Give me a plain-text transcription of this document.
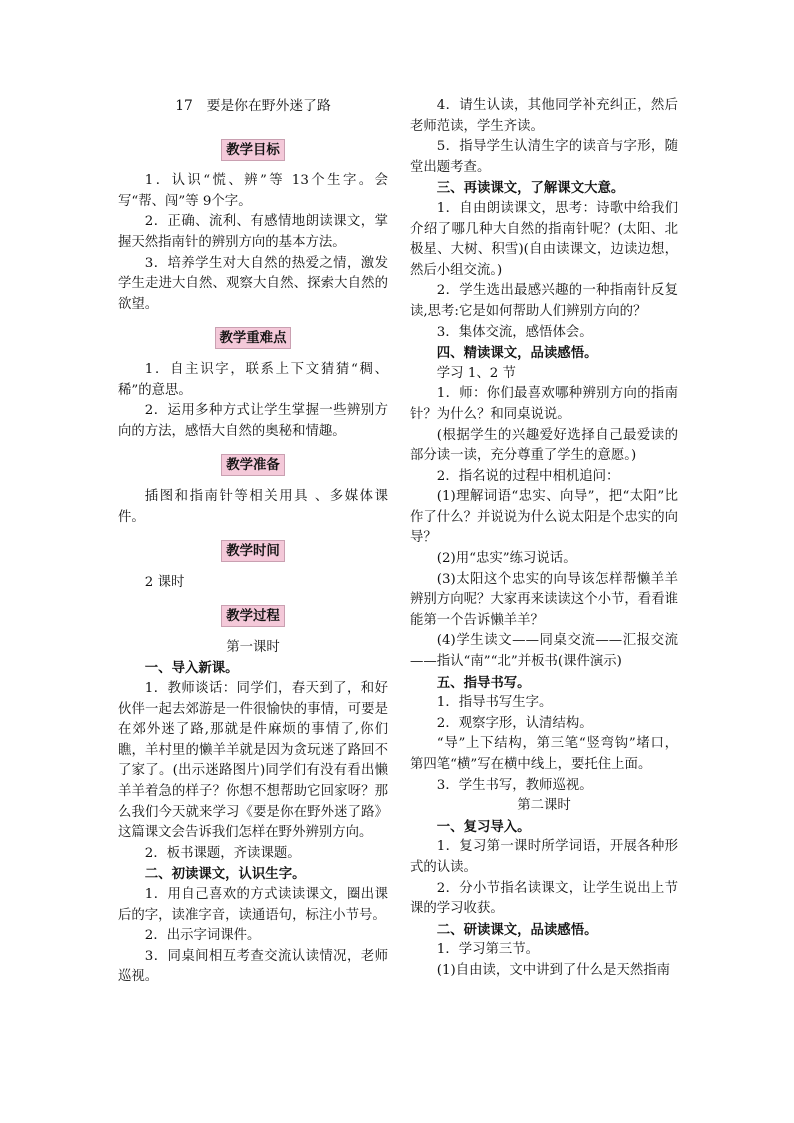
17　要是你在野外迷了路

教学目标

1．认识“慌、辨”等 13个生字。会写“帮、闯”等 9个字。

2．正确、流利、有感情地朗读课文，掌握天然指南针的辨别方向的基本方法。

3．培养学生对大自然的热爱之情，激发学生走进大自然、观察大自然、探索大自然的欲望。

教学重难点

1．自主识字，联系上下文猜猜“稠、稀”的意思。

2．运用多种方式让学生掌握一些辨别方向的方法，感悟大自然的奥秘和情趣。

教学准备

插图和指南针等相关用具 、多媒体课件。

教学时间

2 课时

教学过程

第一课时

一、导入新课。

1．教师谈话：同学们，春天到了，和好伙伴一起去郊游是一件很愉快的事情，可要是在郊外迷了路,那就是件麻烦的事情了,你们瞧，羊村里的懒羊羊就是因为贪玩迷了路回不了家了。(出示迷路图片)同学们有没有看出懒羊羊着急的样子？你想不想帮助它回家呀？那么我们今天就来学习《要是你在野外迷了路》 这篇课文会告诉我们怎样在野外辨别方向。

2．板书课题，齐读课题。

二、初读课文，认识生字。

1．用自己喜欢的方式读读课文，圈出课后的字，读准字音，读通语句，标注小节号。

2．出示字词课件。

3．同桌间相互考查交流认读情况，老师巡视。

4．请生认读，其他同学补充纠正，然后老师范读，学生齐读。

5．指导学生认清生字的读音与字形，随堂出题考查。

三、再读课文，了解课文大意。

1．自由朗读课文，思考：诗歌中给我们介绍了哪几种大自然的指南针呢？(太阳、北极星、大树、积雪)(自由读课文，边读边想，然后小组交流。)

2．学生选出最感兴趣的一种指南针反复读,思考:它是如何帮助人们辨别方向的？

3．集体交流，感悟体会。

四、精读课文，品读感悟。

学习 1、2 节

1．师：你们最喜欢哪种辨别方向的指南针？为什么？和同桌说说。

(根据学生的兴趣爱好选择自己最爱读的部分读一读，充分尊重了学生的意愿。)

2．指名说的过程中相机追问：

(1)理解词语“忠实、向导”，把“太阳”比作了什么？并说说为什么说太阳是个忠实的向导？

(2)用“忠实”练习说话。

(3)太阳这个忠实的向导该怎样帮懒羊羊辨别方向呢？大家再来读读这个小节，看看谁能第一个告诉懒羊羊？

(4)学生读文——同桌交流——汇报交流——指认“南”“北”并板书(课件演示)

五、指导书写。

1．指导书写生字。

2．观察字形，认清结构。

“导”上下结构，第三笔“竖弯钩”堵口，第四笔“横”写在横中线上，要托住上面。

3．学生书写，教师巡视。

第二课时

一、复习导入。

1．复习第一课时所学词语，开展各种形式的认读。

2．分小节指名读课文，让学生说出上节课的学习收获。

二、研读课文，品读感悟。

1．学习第三节。

(1)自由读，文中讲到了什么是天然指南
